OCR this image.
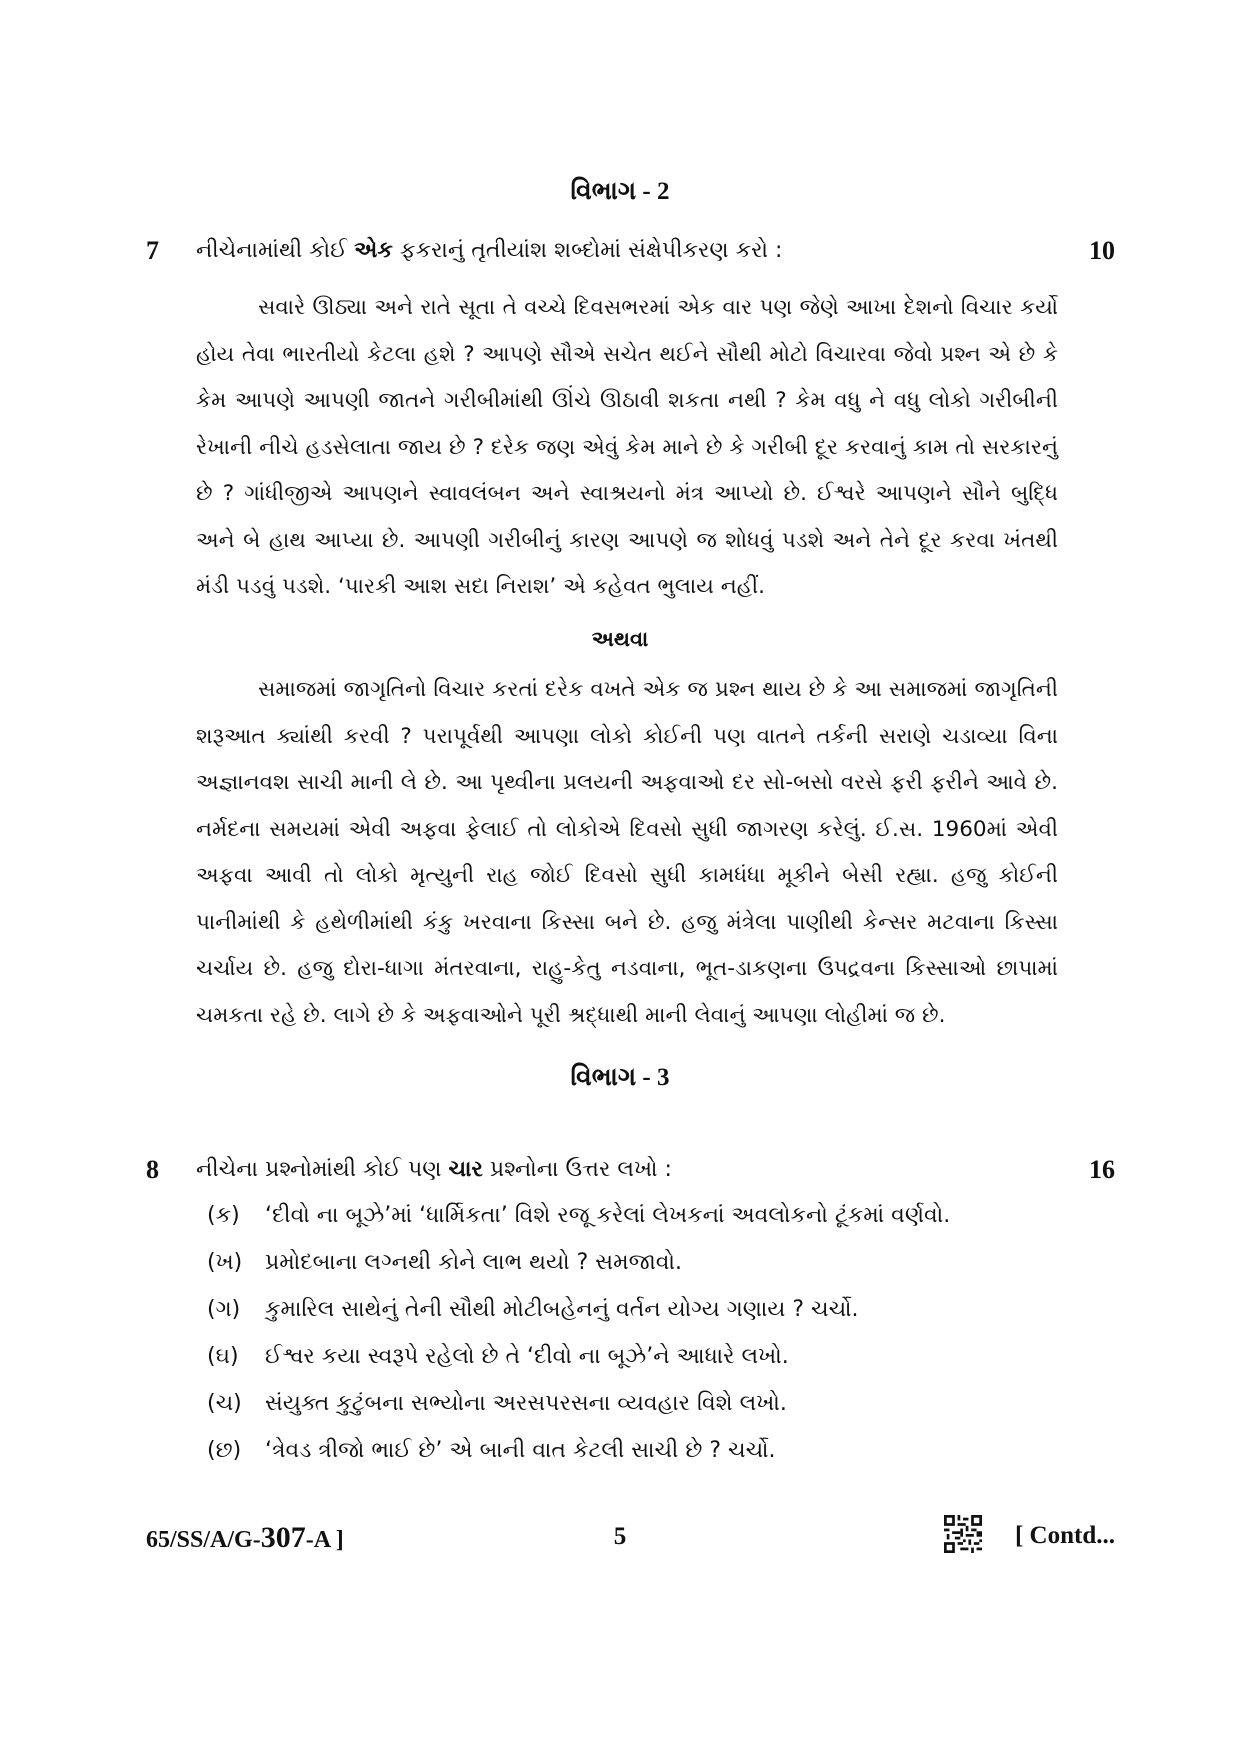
વિભાગ - 2
7 નીચેનામાંથી કોઈ એક ફકરાનું તૃતીયાંશ શબ્દોમાં સંક્ષેપીકરણ કરો :	10

સવારે ઊઠ્યા અને રાતે સૂતા તે વચ્ચે દિવસભરમાં એક વાર પણ જેણે આખા દેશનો વિચાર કર્યો હોય તેવા ભારતીયો કેટલા હશે ? આપણે સૌએ સચેત થઈને સૌથી મોટો વિચારવા જેવો પ્રશ્ન એ છે કે કેમ આપણે આપણી જાતને ગરીબીમાંથી ઊંચે ઊઠાવી શકતા નથી ? કેમ વધુ ને વધુ લોકો ગરીબીની રેખાની નીચે હડસેલાતા જાય છે ? દરેક જણ એવું કેમ માને છે કે ગરીબી દૂર કરવાનું કામ તો સરકારનું છે ? ગાંધીજીએ આપણને સ્વાવલંબન અને સ્વાશ્રયનો મંત્ર આપ્યો છે. ઈશ્વરે આપણને સૌને બુદ્ધિ અને બે હાથ આપ્યા છે. આપણી ગરીબીનું કારણ આપણે જ શોધવું પડશે અને તેને દૂર કરવા ખંતથી મંડી પડવું પડશે. ‘પારકી આશ સદા નિરાશ’ એ કહેવત ભુલાય નહીં.

અથવા

સમાજમાં જાગૃતિનો વિચાર કરતાં દરેક વખતે એક જ પ્રશ્ન થાય છે કે આ સમાજમાં જાગૃતિની શરૂઆત ક્યાંથી કરવી ? પરાપૂર્વથી આપણા લોકો કોઈની પણ વાતને તર્કની સરાણે ચડાવ્યા વિના અજ્ઞાનવશ સાચી માની લે છે. આ પૃથ્વીના પ્રલયની અફવાઓ દર સો-બસો વરસે ફરી ફરીને આવે છે. નર્મદના સમયમાં એવી અફવા ફેલાઈ તો લોકોએ દિવસો સુધી જાગરણ કરેલું. ઈ.સ. 1960માં એવી અફવા આવી તો લોકો મૃત્યુની રાહ જોઈ દિવસો સુધી કામધંધા મૂકીને બેસી રહ્યા. હજુ કોઈની પાનીમાંથી કે હથેળીમાંથી કંકુ ખરવાના કિસ્સા બને છે. હજુ મંત્રેલા પાણીથી કેન્સર મટવાના કિસ્સા ચર્ચાય છે. હજુ દોરા-ધાગા મંતરવાના, રાહુ-કેતુ નડવાના, ભૂત-ડાકણના ઉપદ્રવના કિસ્સાઓ છાપામાં ચમકતા રહે છે. લાગે છે કે અફવાઓને પૂરી શ્રદ્ધાથી માની લેવાનું આપણા લોહીમાં જ છે.

વિભાગ - 3
8 નીચેના પ્રશ્નોમાંથી કોઈ પણ ચાર પ્રશ્નોના ઉત્તર લખો :	16
(ક) ‘દીવો ના બૂઝે’માં ‘ધાર્મિકતા’ વિશે રજૂ કરેલાં લેખકનાં અવલોકનો ટૂંકમાં વર્ણવો.
(ખ) પ્રમોદબાના લગ્નથી કોને લાભ થયો ? સમજાવો.
(ગ) કુમારિલ સાથેનું તેની સૌથી મોટીબહેનનું વર્તન યોગ્ય ગણાય ? ચર્ચો.
(ઘ) ઈશ્વર કયા સ્વરૂપે રહેલો છે તે ‘દીવો ના બૂઝે’ને આધારે લખો.
(ચ) સંયુક્ત કુટુંબના સભ્યોના અરસપરસના વ્યવહાર વિશે લખો.
(છ) ‘ત્રેવડ ત્રીજો ભાઈ છે’ એ બાની વાત કેટલી સાચી છે ? ચર્ચો.
65/SS/A/G-307-A ]	5	[ Contd...
